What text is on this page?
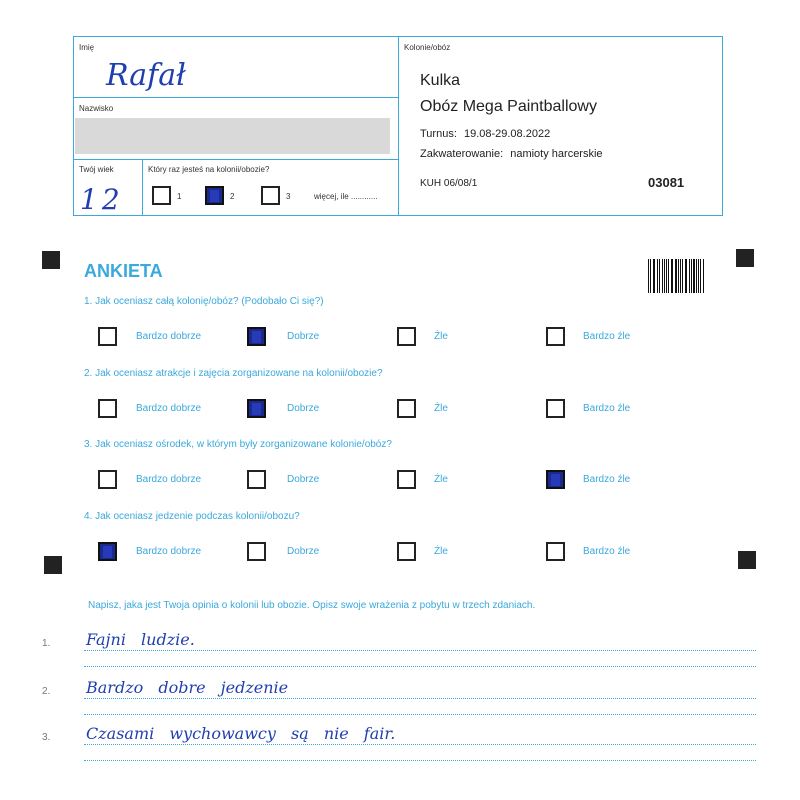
Imię
Rafał
Nazwisko
Twój wiek
12
Który raz jesteś na kolonii/obozie?
1	2	3	więcej, ile ............
Kolonie/obóz
Kulka
Obóz Mega Paintballowy
Turnus: 19.08-29.08.2022
Zakwaterowanie: namioty harcerskie
KUH 06/08/1	03081
ANKIETA
1. Jak oceniasz całą kolonię/obóz? (Podobało Ci się?)
Bardzo dobrze	Dobrze	Źle	Bardzo źle
2. Jak oceniasz atrakcje i zajęcia zorganizowane na kolonii/obozie?
Bardzo dobrze	Dobrze	Źle	Bardzo źle
3. Jak oceniasz ośrodek, w którym były zorganizowane kolonie/obóz?
Bardzo dobrze	Dobrze	Źle	Bardzo źle
4. Jak oceniasz jedzenie podczas kolonii/obozu?
Bardzo dobrze	Dobrze	Źle	Bardzo źle
Napisz, jaka jest Twoja opinia o kolonii lub obozie. Opisz swoje wrażenia z pobytu w trzech zdaniach.
1. Fajni ludzie.
2. Bardzo dobre jedzenie
3. Czasami wychowawcy są nie fair.
